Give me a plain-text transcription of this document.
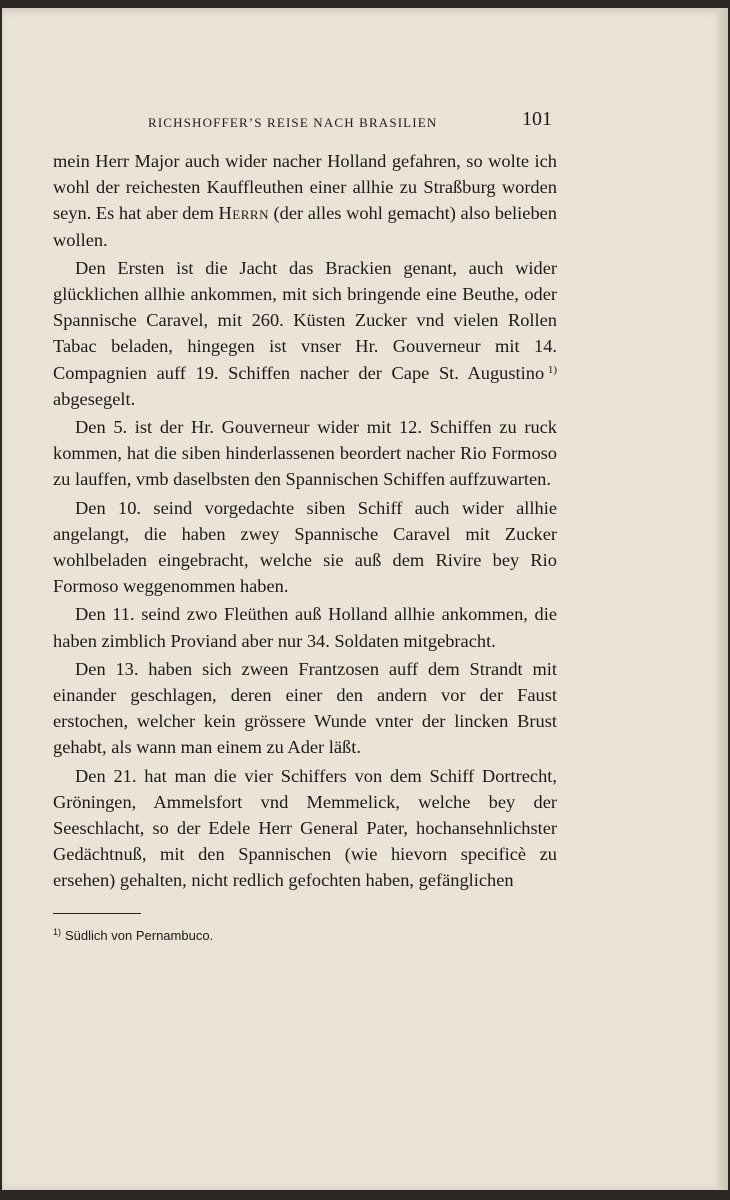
RICHSHOFFER’S REISE NACH BRASILIEN	101

mein Herr Major auch wider nacher Holland gefahren, so wolte ich wohl der reichesten Kauffleuthen einer allhie zu Straßburg worden seyn. Es hat aber dem Herrn (der alles wohl gemacht) also belieben wollen.

Den Ersten ist die Jacht das Brackien genant, auch wider glücklichen allhie ankommen, mit sich bringende eine Beuthe, oder Spannische Caravel, mit 260. Küsten Zucker vnd vielen Rollen Tabac beladen, hingegen ist vnser Hr. Gouverneur mit 14. Compagnien auff 19. Schiffen nacher der Cape St. Augustino  $^{1)}$ abgesegelt.

Den 5. ist der Hr. Gouverneur wider mit 12. Schiffen zu ruck kommen, hat die siben hinderlassenen beordert nacher Rio Formoso zu lauffen, vmb daselbsten den Spannischen Schiffen auffzuwarten.

Den 10. seind vorgedachte siben Schiff auch wider allhie angelangt, die haben zwey Spannische Caravel mit Zucker wohlbeladen eingebracht, welche sie auß dem Rivire bey Rio Formoso weggenommen haben.

Den 11. seind zwo Fleüthen auß Holland allhie ankommen, die haben zimblich Proviand aber nur 34. Soldaten mitgebracht.

Den 13. haben sich zween Frantzosen auff dem Strandt mit einander geschlagen, deren einer den andern vor der Faust erstochen, welcher kein grössere Wunde vnter der lincken Brust gehabt, als wann man einem zu Ader läßt.

Den 21. hat man die vier Schiffers von dem Schiff Dortrecht, Gröningen, Ammelsfort vnd Memmelick, welche bey der Seeschlacht, so der Edele Herr General Pater, hochansehnlichster Gedächtnuß, mit den Spannischen (wie hievorn specificè zu ersehen) gehalten, nicht redlich gefochten haben, gefänglichen

$^{1)}$ Südlich von Pernambuco.
